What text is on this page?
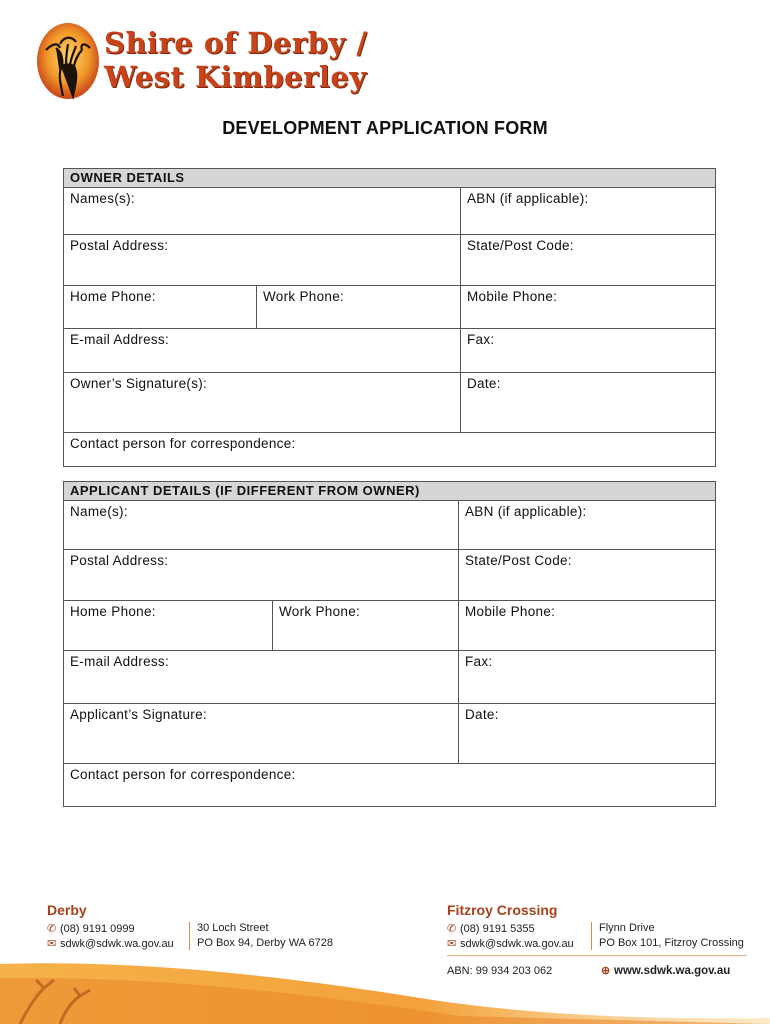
Shire of Derby /
West Kimberley
DEVELOPMENT APPLICATION FORM
OWNER DETAILS		
Names(s):		ABN (if applicable):
Postal Address:		State/Post Code:
Home Phone:	Work Phone:	Mobile Phone:
E-mail Address:		Fax:
Owner’s Signature(s):		Date:
Contact person for correspondence:		
APPLICANT DETAILS (IF DIFFERENT FROM OWNER)		
Name(s):		ABN (if applicable):
Postal Address:		State/Post Code:
Home Phone:	Work Phone:	Mobile Phone:
E-mail Address:		Fax:
Applicant’s Signature:		Date:
Contact person for correspondence:		
Derby
✆ (08) 9191 0999
✉ sdwk@sdwk.wa.gov.au
30 Loch Street
PO Box 94, Derby WA 6728
Fitzroy Crossing
✆ (08) 9191 5355
✉ sdwk@sdwk.wa.gov.au
Flynn Drive
PO Box 101, Fitzroy Crossing
ABN: 99 934 203 062	⊕ www.sdwk.wa.gov.au
